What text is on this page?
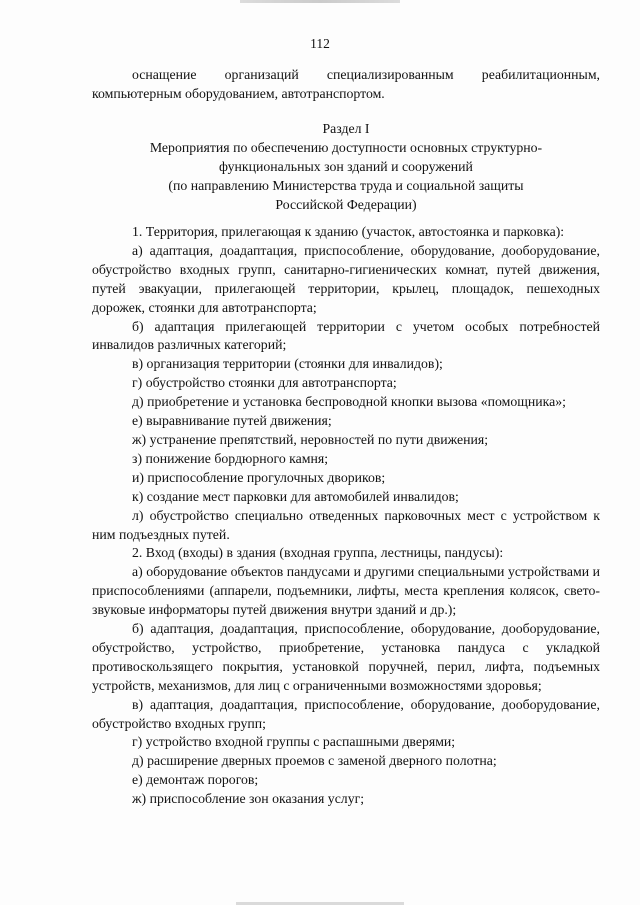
112

оснащение организаций специализированным реабилитационным, компьютерным оборудованием, автотранспортом.

Раздел I

Мероприятия по обеспечению доступности основных структурно-

функциональных зон зданий и сооружений

(по направлению Министерства труда и социальной защиты

Российской Федерации)

1. Территория, прилегающая к зданию (участок, автостоянка и парковка):

а) адаптация, доадаптация, приспособление, оборудование, дооборудование, обустройство входных групп, санитарно-гигиенических комнат, путей движения, путей эвакуации, прилегающей территории, крылец, площадок, пешеходных дорожек, стоянки для автотранспорта;

б) адаптация прилегающей территории с учетом особых потребностей инвалидов различных категорий;

в) организация территории (стоянки для инвалидов);

г) обустройство стоянки для автотранспорта;

д) приобретение и установка беспроводной кнопки вызова «помощника»;

е) выравнивание путей движения;

ж) устранение препятствий, неровностей по пути движения;

з) понижение бордюрного камня;

и) приспособление прогулочных двориков;

к) создание мест парковки для автомобилей инвалидов;

л) обустройство специально отведенных парковочных мест с устройством к ним подъездных путей.

2. Вход (входы) в здания (входная группа, лестницы, пандусы):

а) оборудование объектов пандусами и другими специальными устройствами и приспособлениями (аппарели, подъемники, лифты, места крепления колясок, свето-звуковые информаторы путей движения внутри зданий и др.);

б) адаптация, доадаптация, приспособление, оборудование, дооборудование, обустройство, устройство, приобретение, установка пандуса с укладкой противоскользящего покрытия, установкой поручней, перил, лифта, подъемных устройств, механизмов, для лиц с ограниченными возможностями здоровья;

в) адаптация, доадаптация, приспособление, оборудование, дооборудование, обустройство входных групп;

г) устройство входной группы с распашными дверями;

д) расширение дверных проемов с заменой дверного полотна;

е) демонтаж порогов;

ж) приспособление зон оказания услуг;
